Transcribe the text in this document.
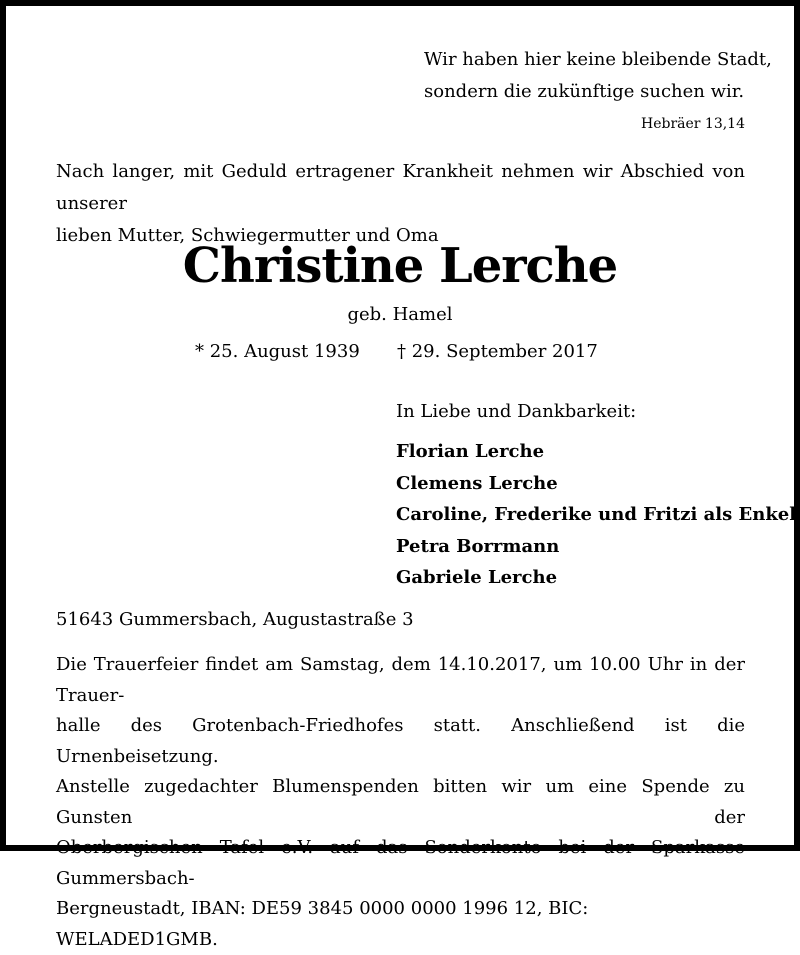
Wir haben hier keine bleibende Stadt,
sondern die zukünftige suchen wir.
Hebräer 13,14
Nach langer, mit Geduld ertragener Krankheit nehmen wir Abschied von unserer
lieben Mutter, Schwiegermutter und Oma
Christine Lerche
geb. Hamel
* 25. August 1939 † 29. September 2017
In Liebe und Dankbarkeit:
Florian Lerche
Clemens Lerche
Caroline, Frederike und Fritzi als Enkel
Petra Borrmann
Gabriele Lerche
51643 Gummersbach, Augustastraße 3
Die Trauerfeier findet am Samstag, dem 14.10.2017, um 10.00 Uhr in der Trauer-
halle des Grotenbach-Friedhofes statt. Anschließend ist die Urnenbeisetzung.
Anstelle zugedachter Blumenspenden bitten wir um eine Spende zu Gunsten der
Oberbergischen Tafel e.V. auf das Sonderkonto bei der Sparkasse Gummersbach-
Bergneustadt, IBAN: DE59 3845 0000 0000 1996 12, BIC: WELADED1GMB.
